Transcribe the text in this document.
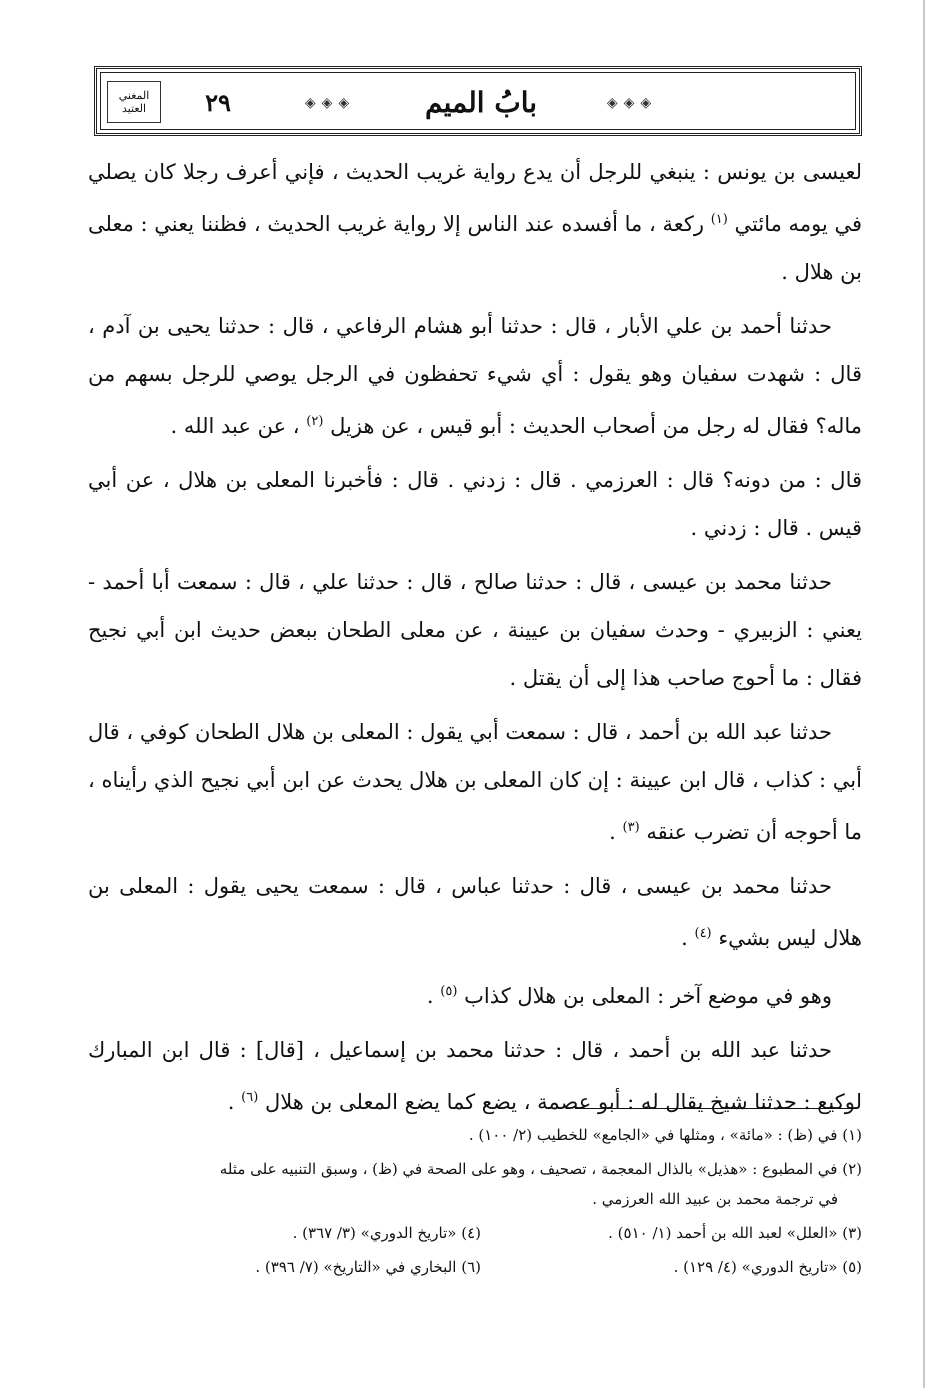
المغني
العتيد	٢٩	◈
◈
◈	بابُ الميم	◈
◈
◈

لعيسى بن يونس : ينبغي للرجل أن يدع رواية غريب الحديث ، فإني أعرف رجلا كان يصلي في يومه مائتي $^{(١)}$ ركعة ، ما أفسده عند الناس إلا رواية غريب الحديث ، فظننا يعني : معلى بن هلال .

حدثنا أحمد بن علي الأبار ، قال : حدثنا أبو هشام الرفاعي ، قال : حدثنا يحيى بن آدم ، قال : شهدت سفيان وهو يقول : أي شيء تحفظون في الرجل يوصي للرجل بسهم من ماله؟ فقال له رجل من أصحاب الحديث : أبو قيس ، عن هزيل $^{(٢)}$ ، عن عبد الله .

قال : من دونه؟ قال : العرزمي . قال : زدني . قال : فأخبرنا المعلى بن هلال ، عن أبي قيس . قال : زدني .

حدثنا محمد بن عيسى ، قال : حدثنا صالح ، قال : حدثنا علي ، قال : سمعت أبا أحمد - يعني : الزبيري - وحدث سفيان بن عيينة ، عن معلى الطحان ببعض حديث ابن أبي نجيح فقال : ما أحوج صاحب هذا إلى أن يقتل .

حدثنا عبد الله بن أحمد ، قال : سمعت أبي يقول : المعلى بن هلال الطحان كوفي ، قال أبي : كذاب ، قال ابن عيينة : إن كان المعلى بن هلال يحدث عن ابن أبي نجيح الذي رأيناه ، ما أحوجه أن تضرب عنقه $^{(٣)}$ .

حدثنا محمد بن عيسى ، قال : حدثنا عباس ، قال : سمعت يحيى يقول : المعلى بن هلال ليس بشيء $^{(٤)}$ .

وهو في موضع آخر : المعلى بن هلال كذاب $^{(٥)}$ .

حدثنا عبد الله بن أحمد ، قال : حدثنا محمد بن إسماعيل ، [قال] : قال ابن المبارك لوكيع : حدثنا شيخ يقال له : أبو عصمة ، يضع كما يضع المعلى بن هلال $^{(٦)}$ .

(١) في (ظ) : «مائة» ، ومثلها في «الجامع» للخطيب (٢/ ١٠٠) .
(٢) في المطبوع : «هذيل» بالذال المعجمة ، تصحيف ، وهو على الصحة في (ظ) ، وسبق التنبيه على مثله
في ترجمة محمد بن عبيد الله العرزمي .
(٣) «العلل» لعبد الله بن أحمد (١/ ٥١٠) .
(٤) «تاريخ الدوري» (٣/ ٣٦٧) .
(٥) «تاريخ الدوري» (٤/ ١٢٩) .
(٦) البخاري في «التاريخ» (٧/ ٣٩٦) .
